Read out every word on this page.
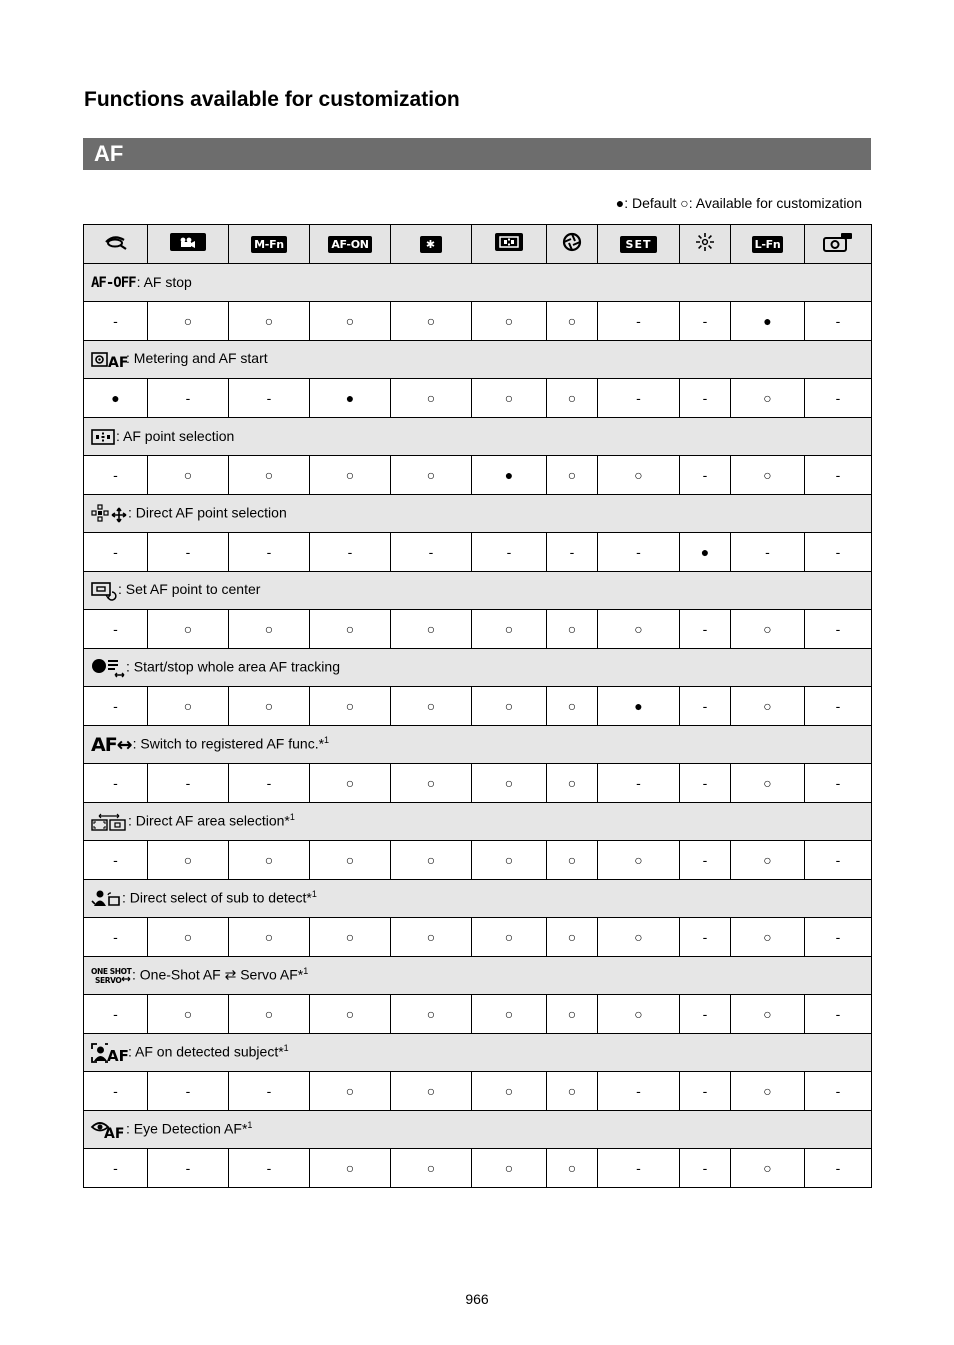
Functions available for customization
AF
●: Default ○: Available for customization
		M-Fn	AF-ON	✱			SET		L-Fn	
AF-OFF: AF stop										
-	○	○	○	○	○	○	-	-	●	-

AF
: Metering and AF start										
●	-	-	●	○	○	○	-	-	○	-
: AF point selection										
-	○	○	○	○	●	○	○	-	○	-
: Direct AF point selection										
-	-	-	-	-	-	-	-	●	-	-
: Set AF point to center										
-	○	○	○	○	○	○	○	-	○	-
: Start/stop whole area AF tracking										
-	○	○	○	○	○	○	●	-	○	-
AF↔: Switch to registered AF func.*$^1$
-	-	-	○	○	○	○	-	-	○	-
: Direct AF area selection*$^1$
-	○	○	○	○	○	○	○	-	○	-
: Direct select of sub to detect*$^1$
-	○	○	○	○	○	○	○	-	○	-

ONE SHOT
SERVO : One-Shot AF ⇄ Servo AF*$^1$
-	○	○	○	○	○	○	○	-	○	-

AF : AF on detected subject*$^1$
-	-	-	○	○	○	○	-	-	○	-

AF : Eye Detection AF*$^1$
-	-	-	○	○	○	○	-	-	○	-
966
